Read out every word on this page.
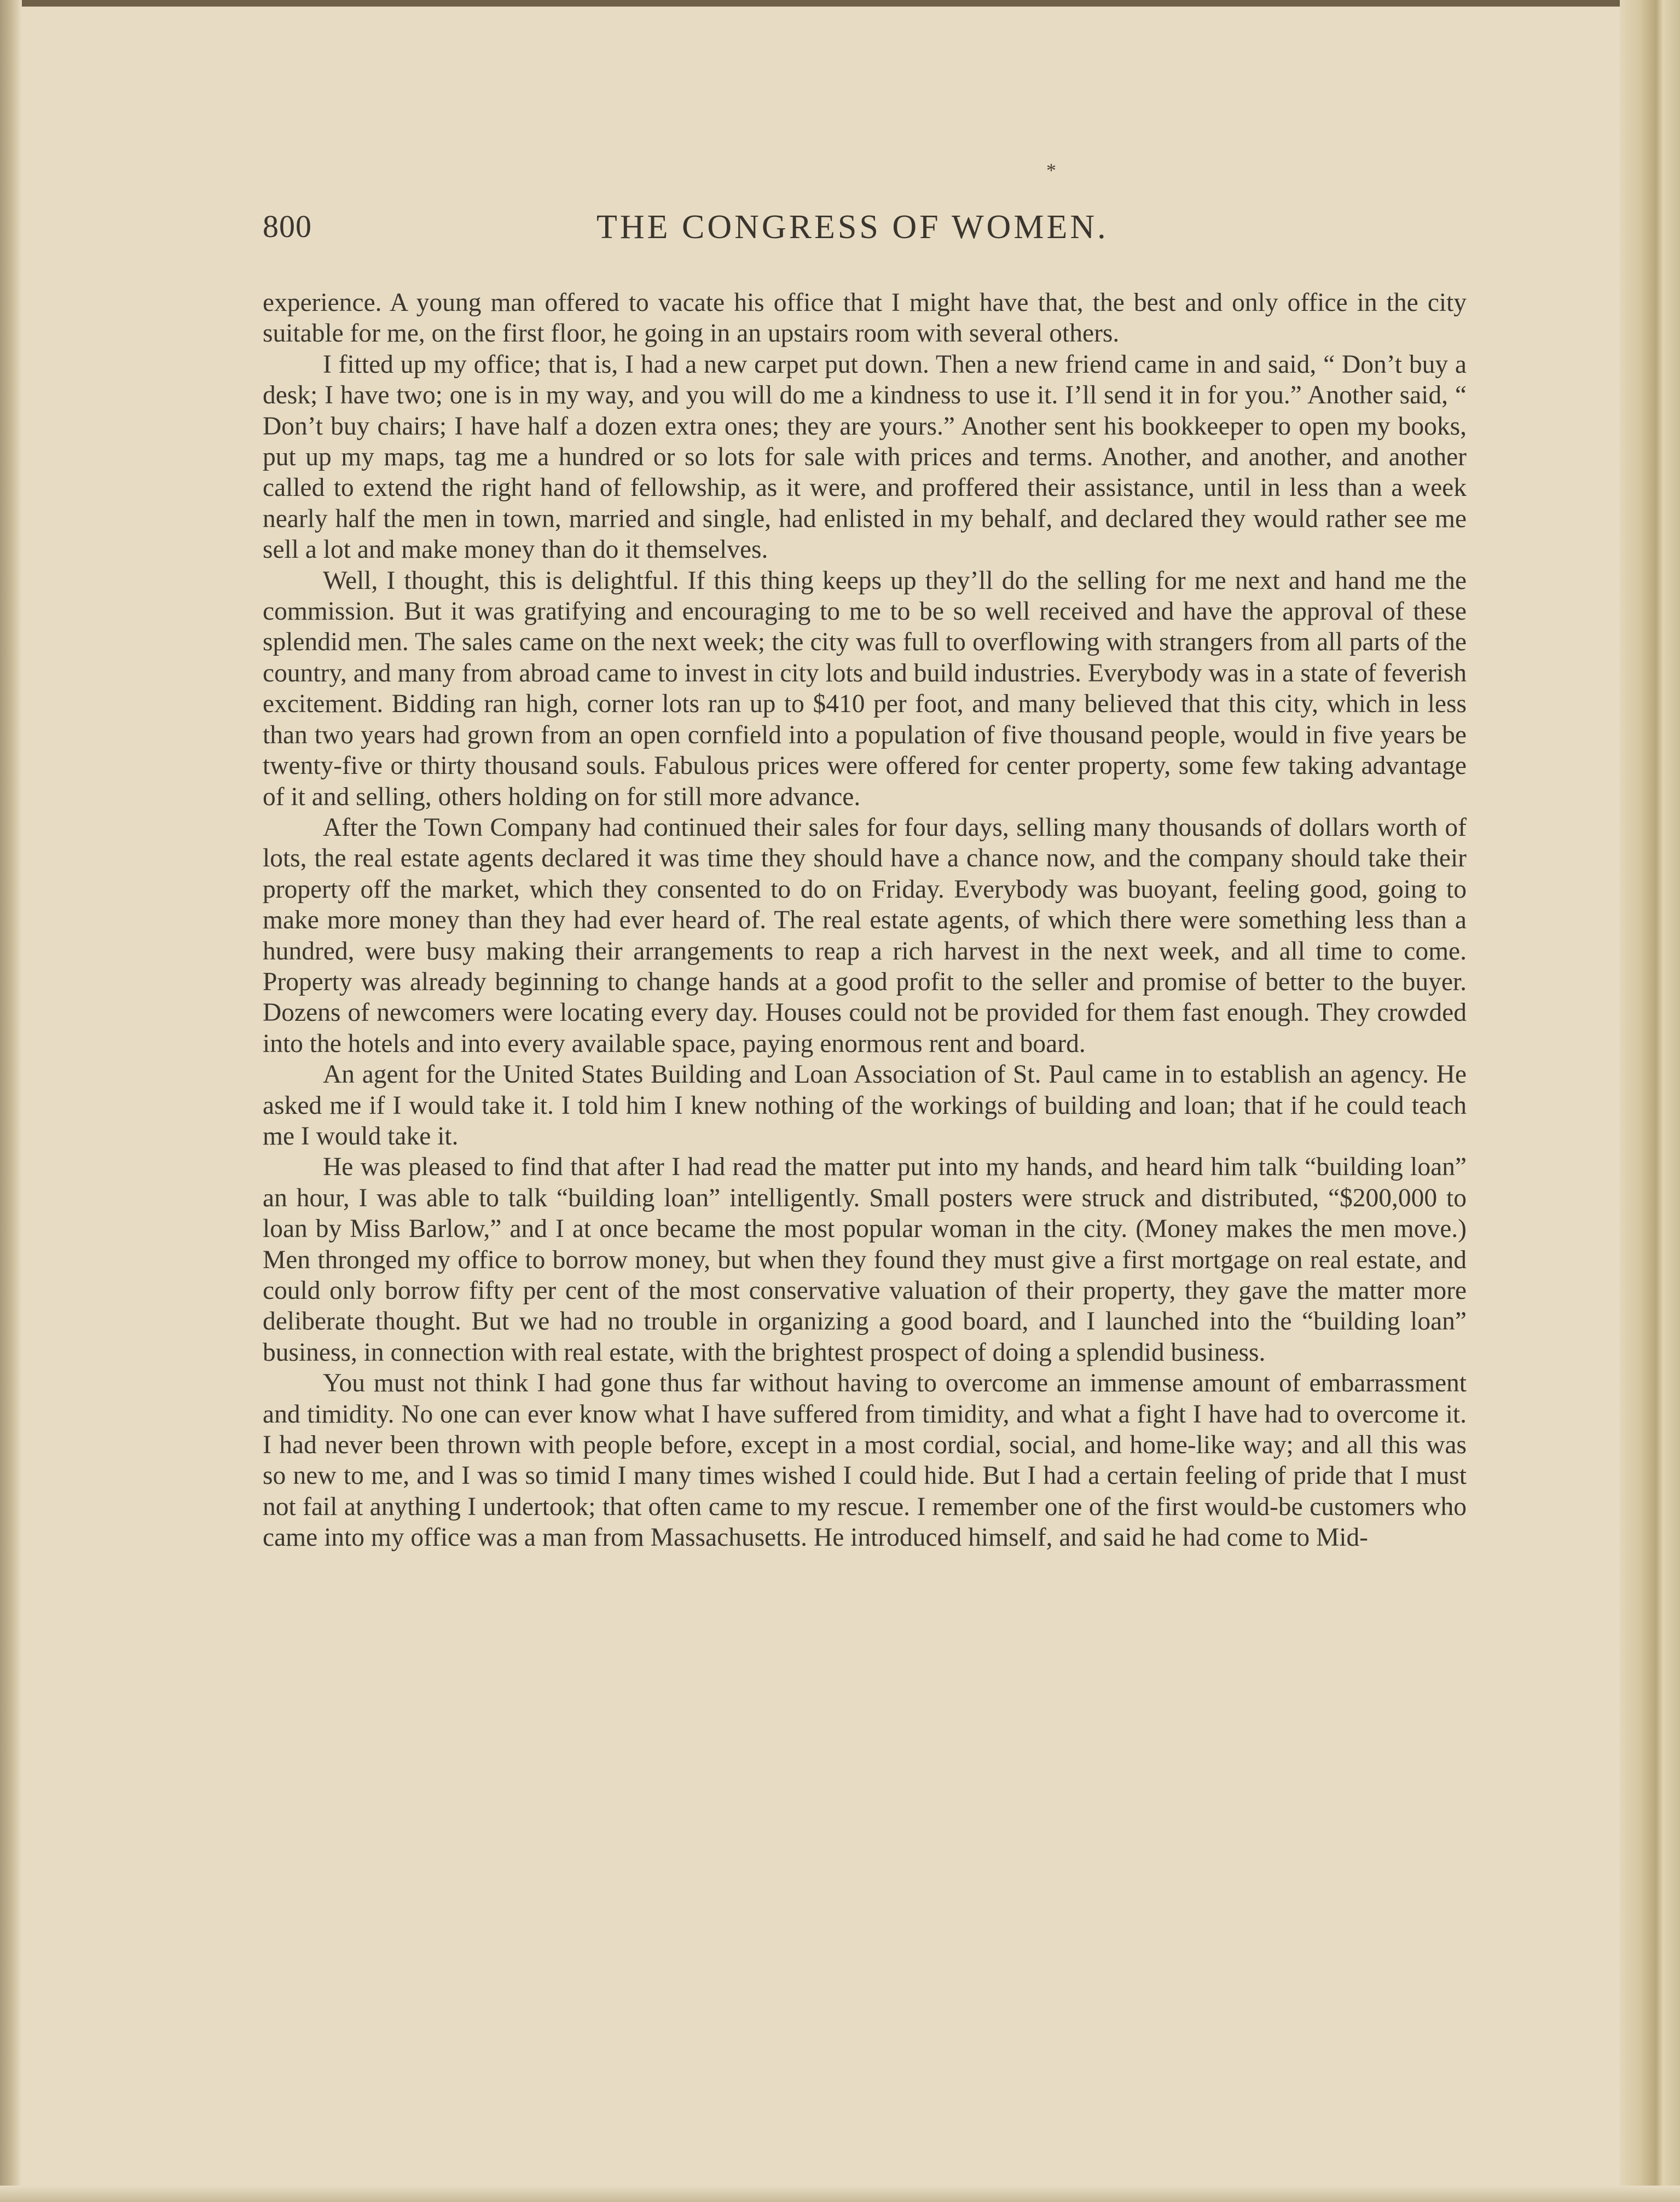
*
800	THE CONGRESS OF WOMEN.

experience. A young man offered to vacate his office that I might have that, the best and only office in the city suitable for me, on the first floor, he going in an upstairs room with several others.

I fitted up my office; that is, I had a new carpet put down. Then a new friend came in and said, “ Don’t buy a desk; I have two; one is in my way, and you will do me a kindness to use it. I’ll send it in for you.” Another said, “ Don’t buy chairs; I have half a dozen extra ones; they are yours.” Another sent his bookkeeper to open my books, put up my maps, tag me a hundred or so lots for sale with prices and terms. Another, and another, and another called to extend the right hand of fellowship, as it were, and proffered their assistance, until in less than a week nearly half the men in town, married and single, had enlisted in my behalf, and declared they would rather see me sell a lot and make money than do it themselves.

Well, I thought, this is delightful. If this thing keeps up they’ll do the selling for me next and hand me the commission. But it was gratifying and encouraging to me to be so well received and have the approval of these splendid men. The sales came on the next week; the city was full to overflowing with strangers from all parts of the country, and many from abroad came to invest in city lots and build industries. Everybody was in a state of feverish excitement. Bidding ran high, corner lots ran up to $410 per foot, and many believed that this city, which in less than two years had grown from an open cornfield into a population of five thousand people, would in five years be twenty-five or thirty thousand souls. Fabulous prices were offered for center property, some few taking advantage of it and selling, others holding on for still more advance.

After the Town Company had continued their sales for four days, selling many thousands of dollars worth of lots, the real estate agents declared it was time they should have a chance now, and the company should take their property off the market, which they consented to do on Friday. Everybody was buoyant, feeling good, going to make more money than they had ever heard of. The real estate agents, of which there were something less than a hundred, were busy making their arrangements to reap a rich harvest in the next week, and all time to come. Property was already beginning to change hands at a good profit to the seller and promise of better to the buyer. Dozens of newcomers were locating every day. Houses could not be provided for them fast enough. They crowded into the hotels and into every available space, paying enormous rent and board.

An agent for the United States Building and Loan Association of St. Paul came in to establish an agency. He asked me if I would take it. I told him I knew nothing of the workings of building and loan; that if he could teach me I would take it.

He was pleased to find that after I had read the matter put into my hands, and heard him talk “building loan” an hour, I was able to talk “building loan” intelligently. Small posters were struck and distributed, “$200,000 to loan by Miss Barlow,” and I at once became the most popular woman in the city. (Money makes the men move.) Men thronged my office to borrow money, but when they found they must give a first mortgage on real estate, and could only borrow fifty per cent of the most conservative valuation of their property, they gave the matter more deliberate thought. But we had no trouble in organizing a good board, and I launched into the “building loan” business, in connection with real estate, with the brightest prospect of doing a splendid business.

You must not think I had gone thus far without having to overcome an immense amount of embarrassment and timidity. No one can ever know what I have suffered from timidity, and what a fight I have had to overcome it. I had never been thrown with people before, except in a most cordial, social, and home-like way; and all this was so new to me, and I was so timid I many times wished I could hide. But I had a certain feeling of pride that I must not fail at anything I undertook; that often came to my rescue. I remember one of the first would-be customers who came into my office was a man from Massachusetts. He introduced himself, and said he had come to Mid-
